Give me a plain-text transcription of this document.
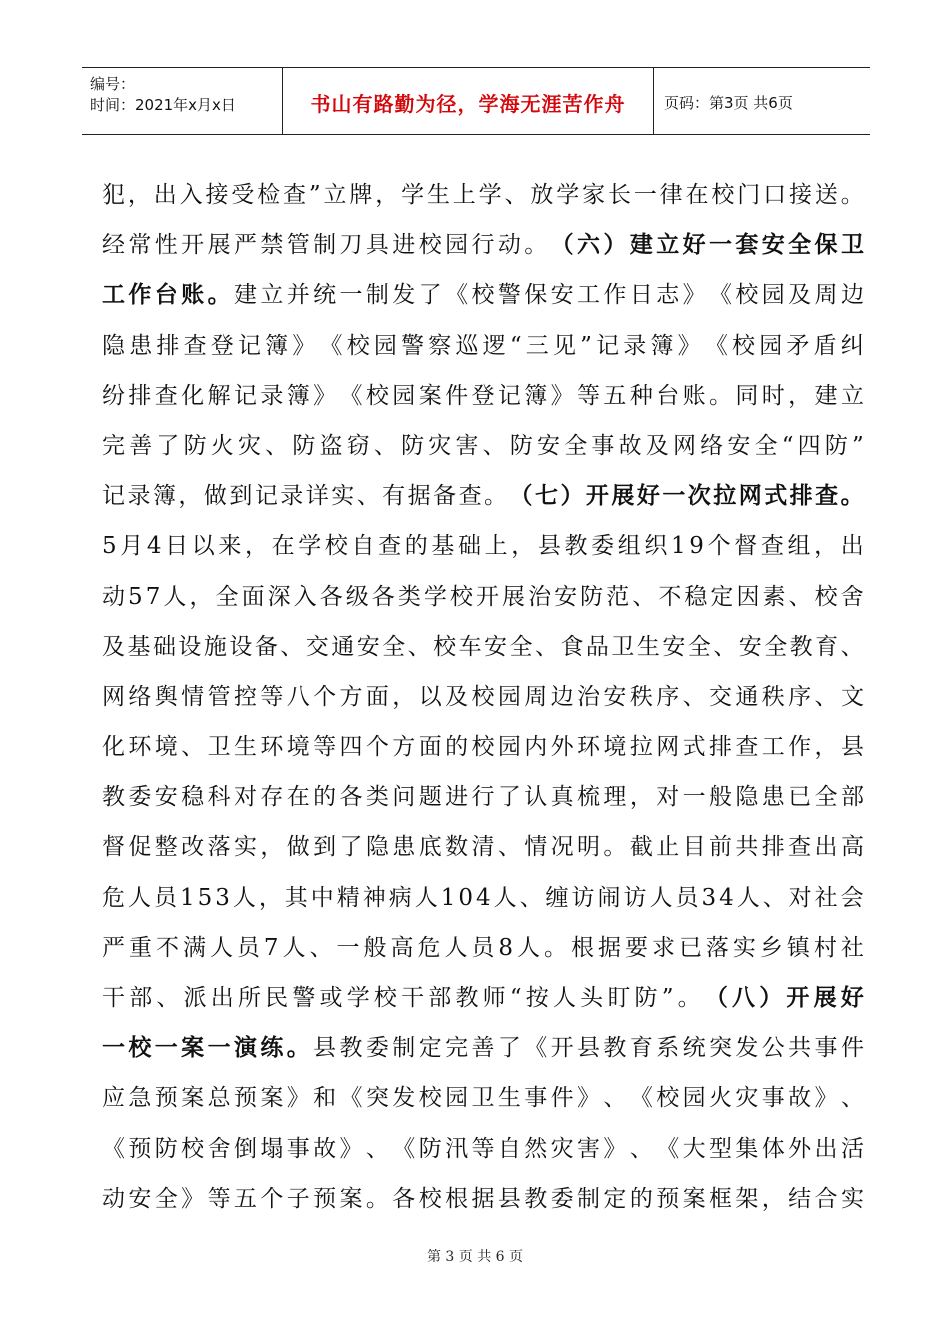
编号：
时间：2021年x月x日	书山有路勤为径，学海无涯苦作舟	页码：第3页 共6页
犯 ， 出 入 接 受 检 查 ” 立 牌 ， 学 生 上 学 、 放 学 家 长 一 律 在 校 门 口 接 送 。
经 常 性 开 展 严 禁 管 制 刀 具 进 校 园 行 动 。 （ 六 ） 建 立 好 一 套 安 全 保 卫
工 作 台 账 。 建 立 并 统 一 制 发 了 《 校 警 保 安 工 作 日 志 》 《 校 园 及 周 边
隐 患 排 查 登 记 簿 》 《 校 园 警 察 巡 逻 “ 三 见 ” 记 录 簿 》 《 校 园 矛 盾 纠
纷 排 查 化 解 记 录 簿 》 《 校 园 案 件 登 记 簿 》 等 五 种 台 账 。 同 时 ， 建 立
完 善 了 防 火 灾 、 防 盗 窃 、 防 灾 害 、 防 安 全 事 故 及 网 络 安 全 “ 四 防 ”
记 录 簿 ， 做 到 记 录 详 实 、 有 据 备 查 。 （ 七 ） 开 展 好 一 次 拉 网 式 排 查 。
5 月 4 日 以 来 ， 在 学 校 自 查 的 基 础 上 ， 县 教 委 组 织 1 9 个 督 查 组 ， 出
动 5 7 人 ， 全 面 深 入 各 级 各 类 学 校 开 展 治 安 防 范 、 不 稳 定 因 素 、 校 舍
及 基 础 设 施 设 备 、 交 通 安 全 、 校 车 安 全 、 食 品 卫 生 安 全 、 安 全 教 育 、
网 络 舆 情 管 控 等 八 个 方 面 ， 以 及 校 园 周 边 治 安 秩 序 、 交 通 秩 序 、 文
化 环 境 、 卫 生 环 境 等 四 个 方 面 的 校 园 内 外 环 境 拉 网 式 排 查 工 作 ， 县
教 委 安 稳 科 对 存 在 的 各 类 问 题 进 行 了 认 真 梳 理 ， 对 一 般 隐 患 已 全 部
督 促 整 改 落 实 ， 做 到 了 隐 患 底 数 清 、 情 况 明 。 截 止 目 前 共 排 查 出 高
危 人 员 1 5 3 人 ， 其 中 精 神 病 人 1 0 4 人 、 缠 访 闹 访 人 员 3 4 人 、 对 社 会
严 重 不 满 人 员 7 人 、 一 般 高 危 人 员 8 人 。 根 据 要 求 已 落 实 乡 镇 村 社
干 部 、 派 出 所 民 警 或 学 校 干 部 教 师 “ 按 人 头 盯 防 ” 。 （ 八 ） 开 展 好
一 校 一 案 一 演 练 。 县 教 委 制 定 完 善 了 《 开 县 教 育 系 统 突 发 公 共 事 件
应 急 预 案 总 预 案 》 和 《 突 发 校 园 卫 生 事 件 》 、 《 校 园 火 灾 事 故 》 、
《 预 防 校 舍 倒 塌 事 故 》 、 《 防 汛 等 自 然 灾 害 》 、 《 大 型 集 体 外 出 活
动 安 全 》 等 五 个 子 预 案 。 各 校 根 据 县 教 委 制 定 的 预 案 框 架 ， 结 合 实
第 3 页 共 6 页
